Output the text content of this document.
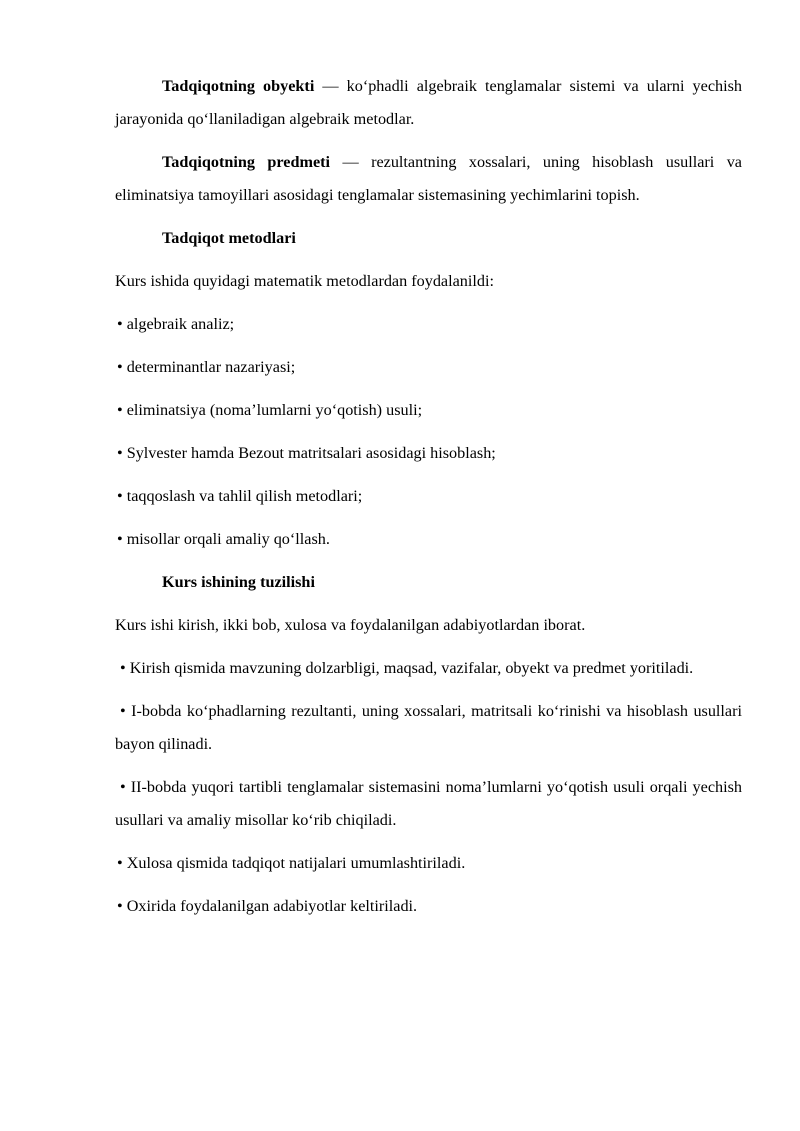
Tadqiqotning obyekti — koʻphadli algebraik tenglamalar sistemi va ularni yechish jarayonida qoʻllaniladigan algebraik metodlar.

Tadqiqotning predmeti — rezultantning xossalari, uning hisoblash usullari va eliminatsiya tamoyillari asosidagi tenglamalar sistemasining yechimlarini topish.

Tadqiqot metodlari

Kurs ishida quyidagi matematik metodlardan foydalanildi:

• algebraik analiz;
• determinantlar nazariyasi;
• eliminatsiya (noma’lumlarni yoʻqotish) usuli;
• Sylvester hamda Bezout matritsalari asosidagi hisoblash;
• taqqoslash va tahlil qilish metodlari;
• misollar orqali amaliy qoʻllash.
Kurs ishining tuzilishi

Kurs ishi kirish, ikki bob, xulosa va foydalanilgan adabiyotlardan iborat.

• Kirish qismida mavzuning dolzarbligi, maqsad, vazifalar, obyekt va predmet yoritiladi.
• I-bobda koʻphadlarning rezultanti, uning xossalari, matritsali koʻrinishi va hisoblash usullari bayon qilinadi.
• II-bobda yuqori tartibli tenglamalar sistemasini noma’lumlarni yoʻqotish usuli orqali yechish usullari va amaliy misollar koʻrib chiqiladi.
• Xulosa qismida tadqiqot natijalari umumlashtiriladi.
• Oxirida foydalanilgan adabiyotlar keltiriladi.
